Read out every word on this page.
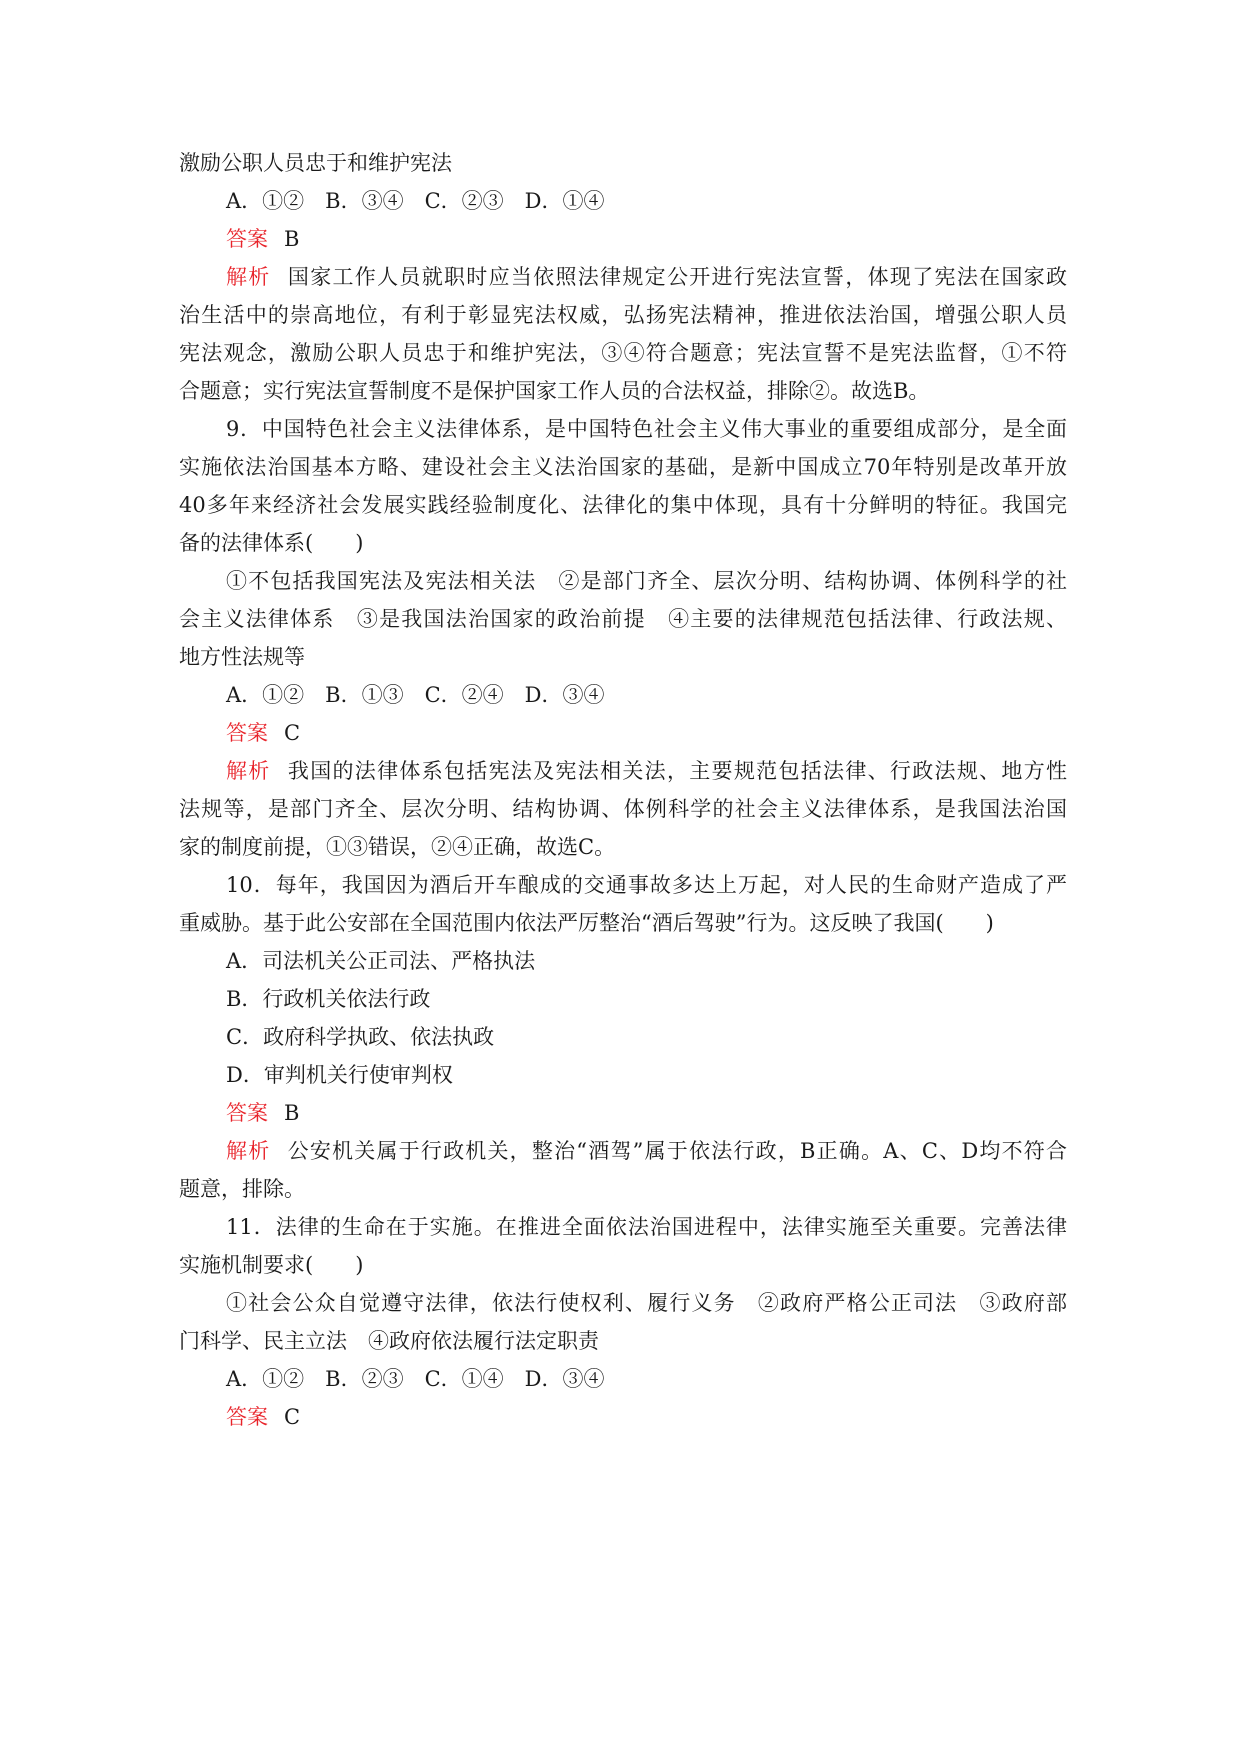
激励公职人员忠于和维护宪法
A．①②　B．③④　C．②③　D．①④
答案 B
解析 国家工作人员就职时应当依照法律规定公开进行宪法宣誓，体现了宪法在国家政
治生活中的崇高地位，有利于彰显宪法权威，弘扬宪法精神，推进依法治国，增强公职人员
宪法观念，激励公职人员忠于和维护宪法，③④符合题意；宪法宣誓不是宪法监督，①不符
合题意；实行宪法宣誓制度不是保护国家工作人员的合法权益，排除②。故选B。
9．中国特色社会主义法律体系，是中国特色社会主义伟大事业的重要组成部分，是全面
实施依法治国基本方略、建设社会主义法治国家的基础，是新中国成立70年特别是改革开放
40多年来经济社会发展实践经验制度化、法律化的集中体现，具有十分鲜明的特征。我国完
备的法律体系(　　)
①不包括我国宪法及宪法相关法　②是部门齐全、层次分明、结构协调、体例科学的社
会主义法律体系　③是我国法治国家的政治前提　④主要的法律规范包括法律、行政法规、
地方性法规等
A．①②　B．①③　C．②④　D．③④
答案 C
解析 我国的法律体系包括宪法及宪法相关法，主要规范包括法律、行政法规、地方性
法规等，是部门齐全、层次分明、结构协调、体例科学的社会主义法律体系，是我国法治国
家的制度前提，①③错误，②④正确，故选C。
10．每年，我国因为酒后开车酿成的交通事故多达上万起，对人民的生命财产造成了严
重威胁。基于此公安部在全国范围内依法严厉整治“酒后驾驶”行为。这反映了我国(　　)
A．司法机关公正司法、严格执法
B．行政机关依法行政
C．政府科学执政、依法执政
D．审判机关行使审判权
答案 B
解析 公安机关属于行政机关，整治“酒驾”属于依法行政，B正确。A、C、D均不符合
题意，排除。
11．法律的生命在于实施。在推进全面依法治国进程中，法律实施至关重要。完善法律
实施机制要求(　　)
①社会公众自觉遵守法律，依法行使权利、履行义务　②政府严格公正司法　③政府部
门科学、民主立法　④政府依法履行法定职责
A．①②　B．②③　C．①④　D．③④
答案 C
